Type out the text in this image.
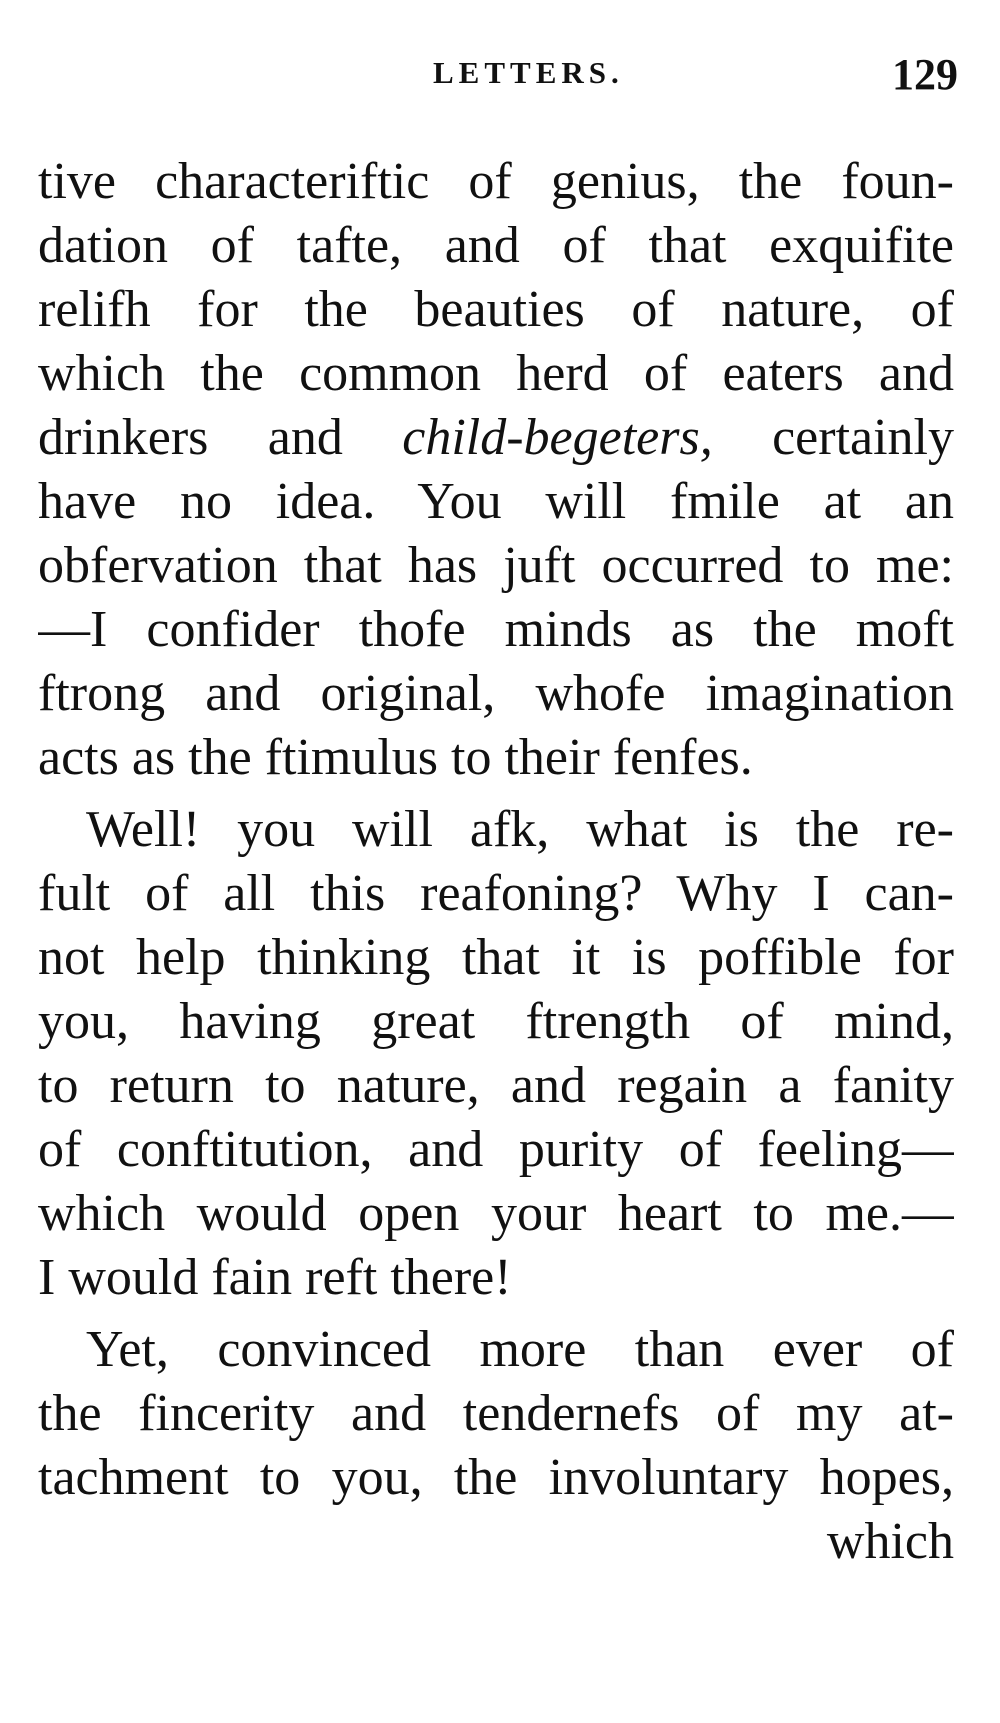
LETTERS.	129
tive characteriftic of genius, the foun-
dation of tafte, and of that exquifite
relifh for the beauties of nature, of
which the common herd of eaters and
drinkers and child-begeters, certainly
have no idea. You will fmile at an
obfervation that has juft occurred to me:
—I confider thofe minds as the moft
ftrong and original, whofe imagination
acts as the ftimulus to their fenfes.
Well! you will afk, what is the re-
fult of all this reafoning? Why I can-
not help thinking that it is poffible for
you, having great ftrength of mind,
to return to nature, and regain a fanity
of conftitution, and purity of feeling—
which would open your heart to me.—
I would fain reft there!
Yet, convinced more than ever of
the fincerity and tendernefs of my at-
tachment to you, the involuntary hopes,
which
